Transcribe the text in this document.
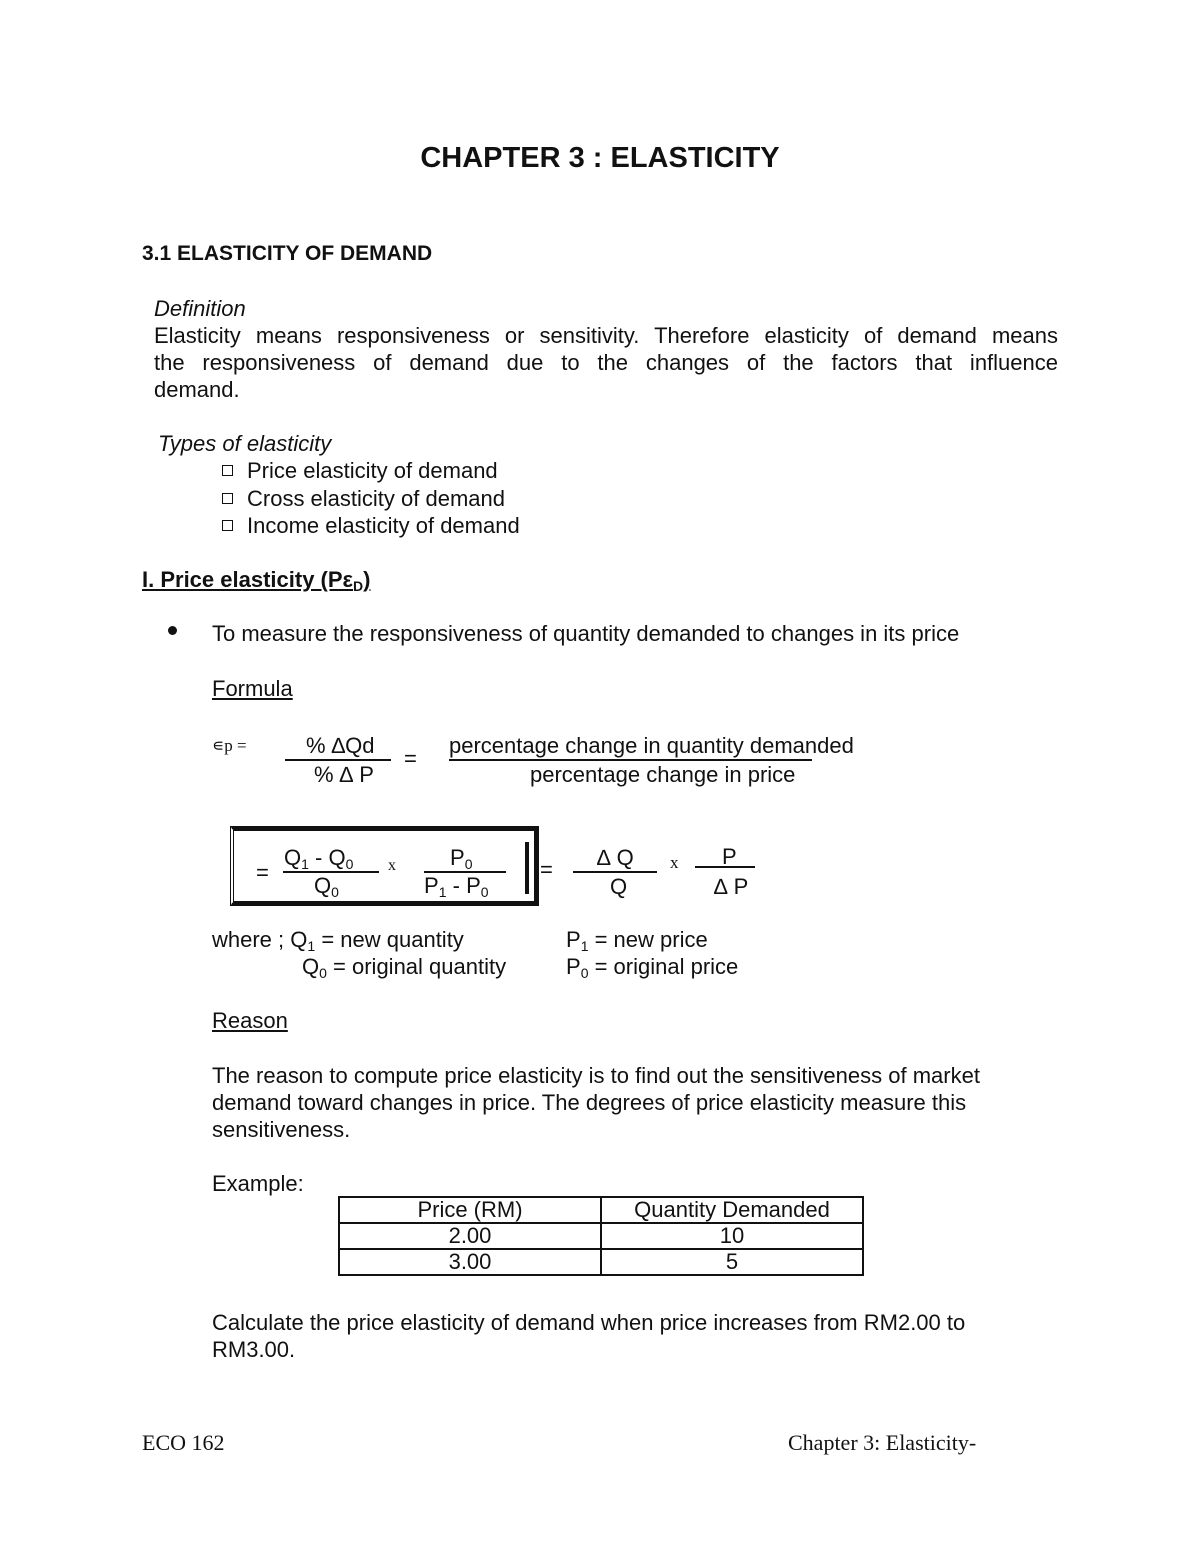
CHAPTER 3 : ELASTICITY
3.1 ELASTICITY OF DEMAND
Definition
Elasticity means responsiveness or sensitivity. Therefore elasticity of demand means
the responsiveness of demand due to the changes of the factors that influence
demand.
Types of elasticity
Price elasticity of demand
Cross elasticity of demand
Income elasticity of demand
I. Price elasticity $(P\varepsilon_D)$
To measure the responsiveness of quantity demanded to changes in its price
Formula
∊p =	% ∆Qd
% ∆ P
=
percentage change in quantity demanded
percentage change in price
=
$Q_1 - Q_0$
$Q_0$
x $P_0$
$P_1 - P_0$
= ∆ Q
Q
x P
∆ P
where ; $Q_1$ = new quantity
$Q_0$ = original quantity
$P_1$ = new price
$P_0$ = original price
Reason
The reason to compute price elasticity is to find out the sensitiveness of market
demand toward changes in price. The degrees of price elasticity measure this
sensitiveness.
Example:
Price (RM)	Quantity Demanded
2.00	10
3.00	5
Calculate the price elasticity of demand when price increases from RM2.00 to
RM3.00.
ECO 162	Chapter 3: Elasticity-
